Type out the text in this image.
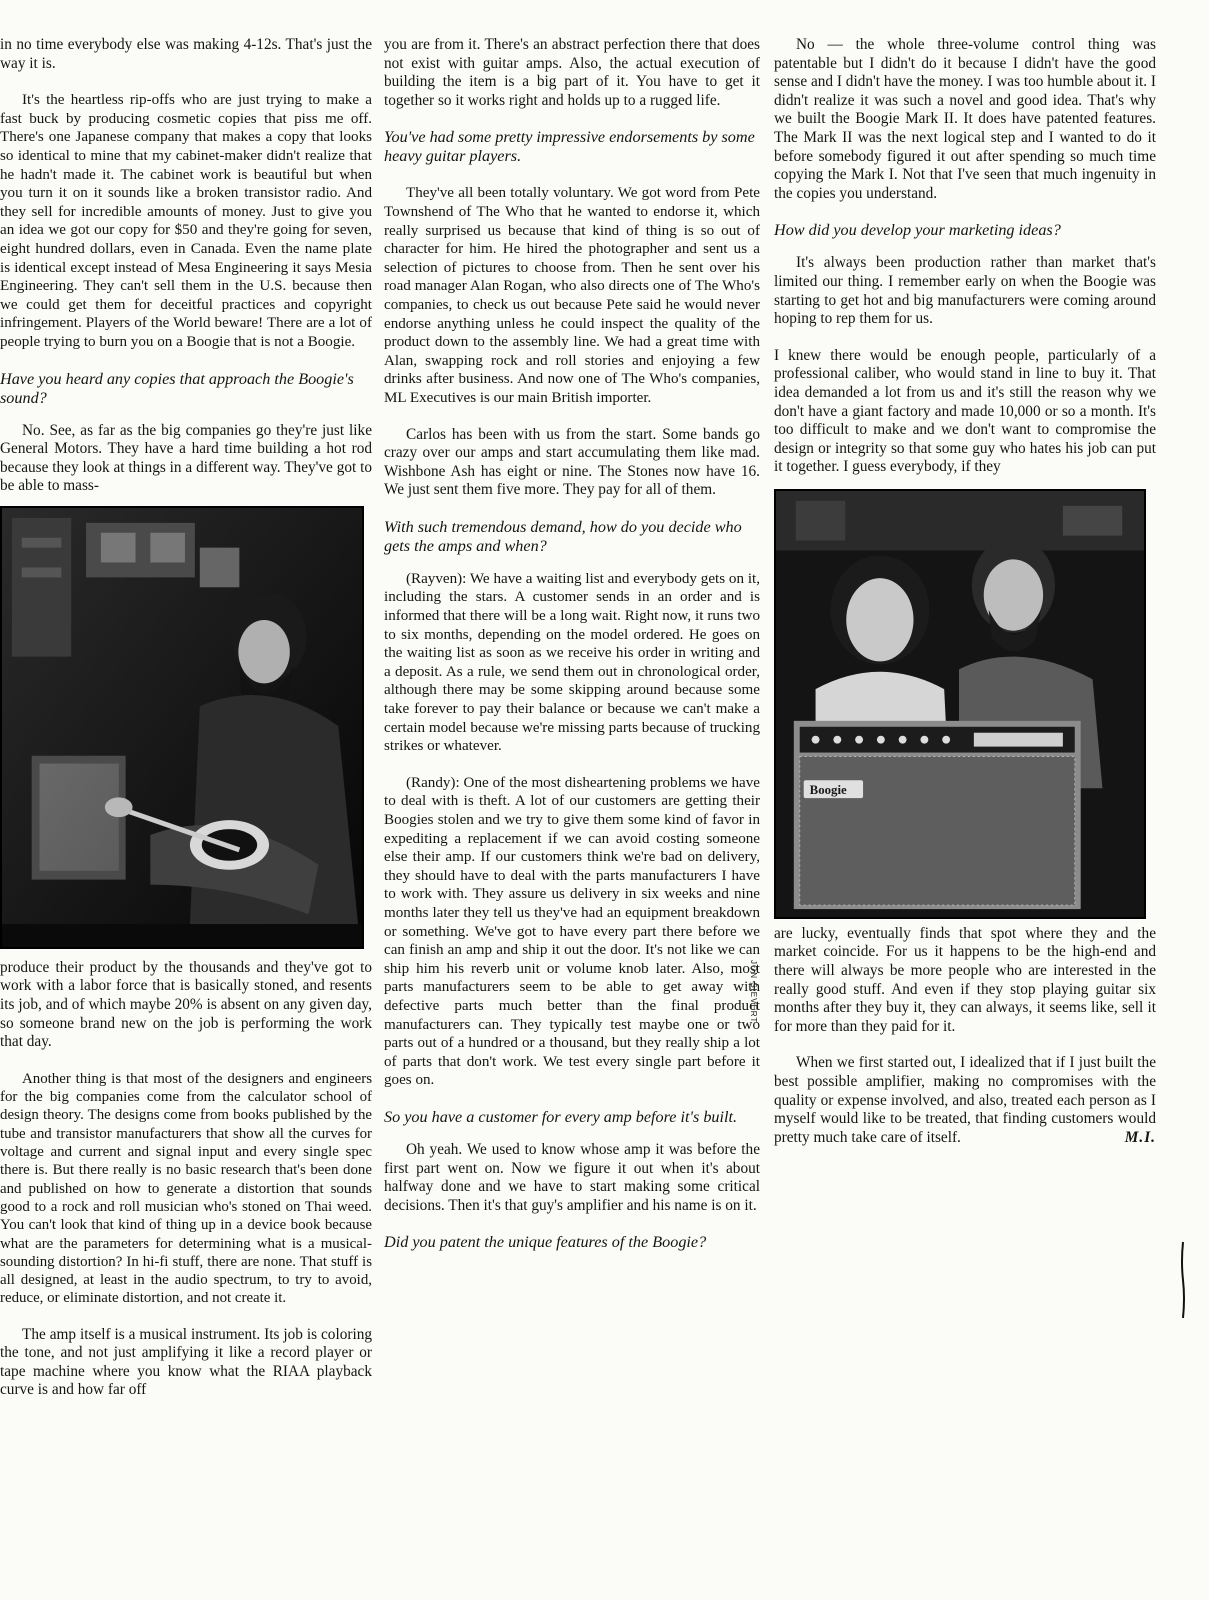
in no time everybody else was making 4-12s. That's just the way it is.

It's the heartless rip-offs who are just trying to make a fast buck by producing cosmetic copies that piss me off. There's one Japanese company that makes a copy that looks so identical to mine that my cabinet-maker didn't realize that he hadn't made it. The cabinet work is beautiful but when you turn it on it sounds like a broken transistor radio. And they sell for incredible amounts of money. Just to give you an idea we got our copy for $50 and they're going for seven, eight hundred dollars, even in Canada. Even the name plate is identical except instead of Mesa Engineering it says Mesia Engineering. They can't sell them in the U.S. because then we could get them for deceitful practices and copyright infringement. Players of the World beware! There are a lot of people trying to burn you on a Boogie that is not a Boogie.

Have you heard any copies that approach the Boogie's sound?

No. See, as far as the big companies go they're just like General Motors. They have a hard time building a hot rod because they look at things in a different way. They've got to be able to mass-

produce their product by the thousands and they've got to work with a labor force that is basically stoned, and resents its job, and of which maybe 20% is absent on any given day, so someone brand new on the job is performing the work that day.

Another thing is that most of the designers and engineers for the big companies come from the calculator school of design theory. The designs come from books published by the tube and transistor manufacturers that show all the curves for voltage and current and signal input and every single spec there is. But there really is no basic research that's been done and published on how to generate a distortion that sounds good to a rock and roll musician who's stoned on Thai weed. You can't look that kind of thing up in a device book because what are the parameters for determining what is a musical-sounding distortion? In hi-fi stuff, there are none. That stuff is all designed, at least in the audio spectrum, to try to avoid, reduce, or eliminate distortion, and not create it.

The amp itself is a musical instrument. Its job is coloring the tone, and not just amplifying it like a record player or tape machine where you know what the RIAA playback curve is and how far off

you are from it. There's an abstract perfection there that does not exist with guitar amps. Also, the actual execution of building the item is a big part of it. You have to get it together so it works right and holds up to a rugged life.

You've had some pretty impressive endorsements by some heavy guitar players.

They've all been totally voluntary. We got word from Pete Townshend of The Who that he wanted to endorse it, which really surprised us because that kind of thing is so out of character for him. He hired the photographer and sent us a selection of pictures to choose from. Then he sent over his road manager Alan Rogan, who also directs one of The Who's companies, to check us out because Pete said he would never endorse anything unless he could inspect the quality of the product down to the assembly line. We had a great time with Alan, swapping rock and roll stories and enjoying a few drinks after business. And now one of The Who's companies, ML Executives is our main British importer.

Carlos has been with us from the start. Some bands go crazy over our amps and start accumulating them like mad. Wishbone Ash has eight or nine. The Stones now have 16. We just sent them five more. They pay for all of them.

With such tremendous demand, how do you decide who gets the amps and when?

(Rayven): We have a waiting list and everybody gets on it, including the stars. A customer sends in an order and is informed that there will be a long wait. Right now, it runs two to six months, depending on the model ordered. He goes on the waiting list as soon as we receive his order in writing and a deposit. As a rule, we send them out in chronological order, although there may be some skipping around because some take forever to pay their balance or because we can't make a certain model because we're missing parts because of trucking strikes or whatever.

(Randy): One of the most disheartening problems we have to deal with is theft. A lot of our customers are getting their Boogies stolen and we try to give them some kind of favor in expediting a replacement if we can avoid costing someone else their amp. If our customers think we're bad on delivery, they should have to deal with the parts manufacturers I have to work with. They assure us delivery in six weeks and nine months later they tell us they've had an equipment breakdown or something. We've got to have every part there before we can finish an amp and ship it out the door. It's not like we can ship him his reverb unit or volume knob later. Also, most parts manufacturers seem to be able to get away with defective parts much better than the final product manufacturers can. They typically test maybe one or two parts out of a hundred or a thousand, but they really ship a lot of parts that don't work. We test every single part before it goes on.

So you have a customer for every amp before it's built.

Oh yeah. We used to know whose amp it was before the first part went on. Now we figure it out when it's about halfway done and we have to start making some critical decisions. Then it's that guy's amplifier and his name is on it.

Did you patent the unique features of the Boogie?

No — the whole three-volume control thing was patentable but I didn't do it because I didn't have the good sense and I didn't have the money. I was too humble about it. I didn't realize it was such a novel and good idea. That's why we built the Boogie Mark II. It does have patented features. The Mark II was the next logical step and I wanted to do it before somebody figured it out after spending so much time copying the Mark I. Not that I've seen that much ingenuity in the copies you understand.

How did you develop your marketing ideas?

It's always been production rather than market that's limited our thing. I remember early on when the Boogie was starting to get hot and big manufacturers were coming around hoping to rep them for us.

I knew there would be enough people, particularly of a professional caliber, who would stand in line to buy it. That idea demanded a lot from us and it's still the reason why we don't have a giant factory and made 10,000 or so a month. It's too difficult to make and we don't want to compromise the design or integrity so that some guy who hates his job can put it together. I guess everybody, if they

Boogie

are lucky, eventually finds that spot where they and the market coincide. For us it happens to be the high-end and there will always be more people who are interested in the really good stuff. And even if they stop playing guitar six months after they buy it, they can always, it seems like, sell it for more than they paid for it.

When we first started out, I idealized that if I just built the best possible amplifier, making no compromises with the quality or expense involved, and also, treated each person as I myself would like to be treated, that finding customers would pretty much take care of itself.	M.I.

JON SIEVERT
